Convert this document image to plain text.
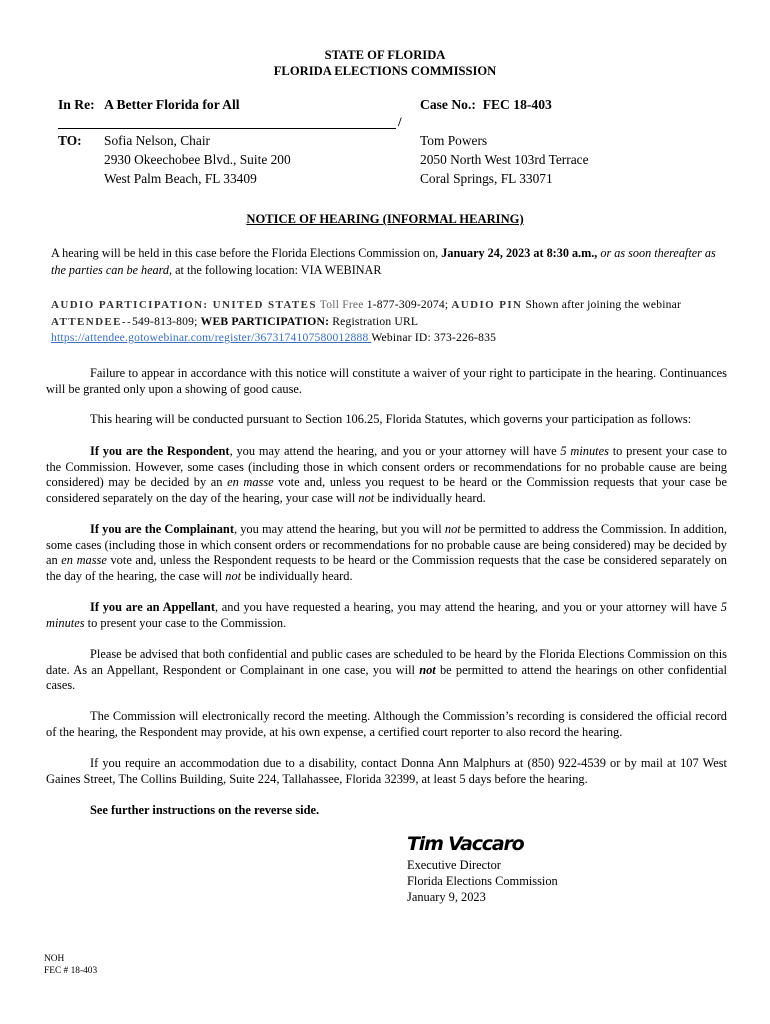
STATE OF FLORIDA
FLORIDA ELECTIONS COMMISSION
In Re: A Better Florida for All	Case No.: FEC 18-403
/
TO: Sofia Nelson, Chair
2930 Okeechobee Blvd., Suite 200
West Palm Beach, FL 33409
Tom Powers
2050 North West 103rd Terrace
Coral Springs, FL 33071
NOTICE OF HEARING (INFORMAL HEARING)
A hearing will be held in this case before the Florida Elections Commission on, January 24, 2023 at 8:30 a.m., or as soon thereafter as the parties can be heard, at the following location: VIA WEBINAR
AUDIO PARTICIPATION: UNITED STATES Toll Free 1-877-309-2074; AUDIO PIN Shown after joining the webinar
ATTENDEE--549-813-809; WEB PARTICIPATION: Registration URL
https://attendee.gotowebinar.com/register/3673174107580012888 Webinar ID: 373-226-835
Failure to appear in accordance with this notice will constitute a waiver of your right to participate in the hearing. Continuances will be granted only upon a showing of good cause.
This hearing will be conducted pursuant to Section 106.25, Florida Statutes, which governs your participation as follows:
If you are the Respondent, you may attend the hearing, and you or your attorney will have 5 minutes to present your case to the Commission. However, some cases (including those in which consent orders or recommendations for no probable cause are being considered) may be decided by an en masse vote and, unless you request to be heard or the Commission requests that your case be considered separately on the day of the hearing, your case will not be individually heard.
If you are the Complainant, you may attend the hearing, but you will not be permitted to address the Commission. In addition, some cases (including those in which consent orders or recommendations for no probable cause are being considered) may be decided by an en masse vote and, unless the Respondent requests to be heard or the Commission requests that the case be considered separately on the day of the hearing, the case will not be individually heard.
If you are an Appellant, and you have requested a hearing, you may attend the hearing, and you or your attorney will have 5 minutes to present your case to the Commission.
Please be advised that both confidential and public cases are scheduled to be heard by the Florida Elections Commission on this date. As an Appellant, Respondent or Complainant in one case, you will not be permitted to attend the hearings on other confidential cases.
The Commission will electronically record the meeting. Although the Commission’s recording is considered the official record of the hearing, the Respondent may provide, at his own expense, a certified court reporter to also record the hearing.
If you require an accommodation due to a disability, contact Donna Ann Malphurs at (850) 922-4539 or by mail at 107 West Gaines Street, The Collins Building, Suite 224, Tallahassee, Florida 32399, at least 5 days before the hearing.
See further instructions on the reverse side.
Tim Vaccaro
Executive Director
Florida Elections Commission
January 9, 2023
NOH
FEC # 18-403
